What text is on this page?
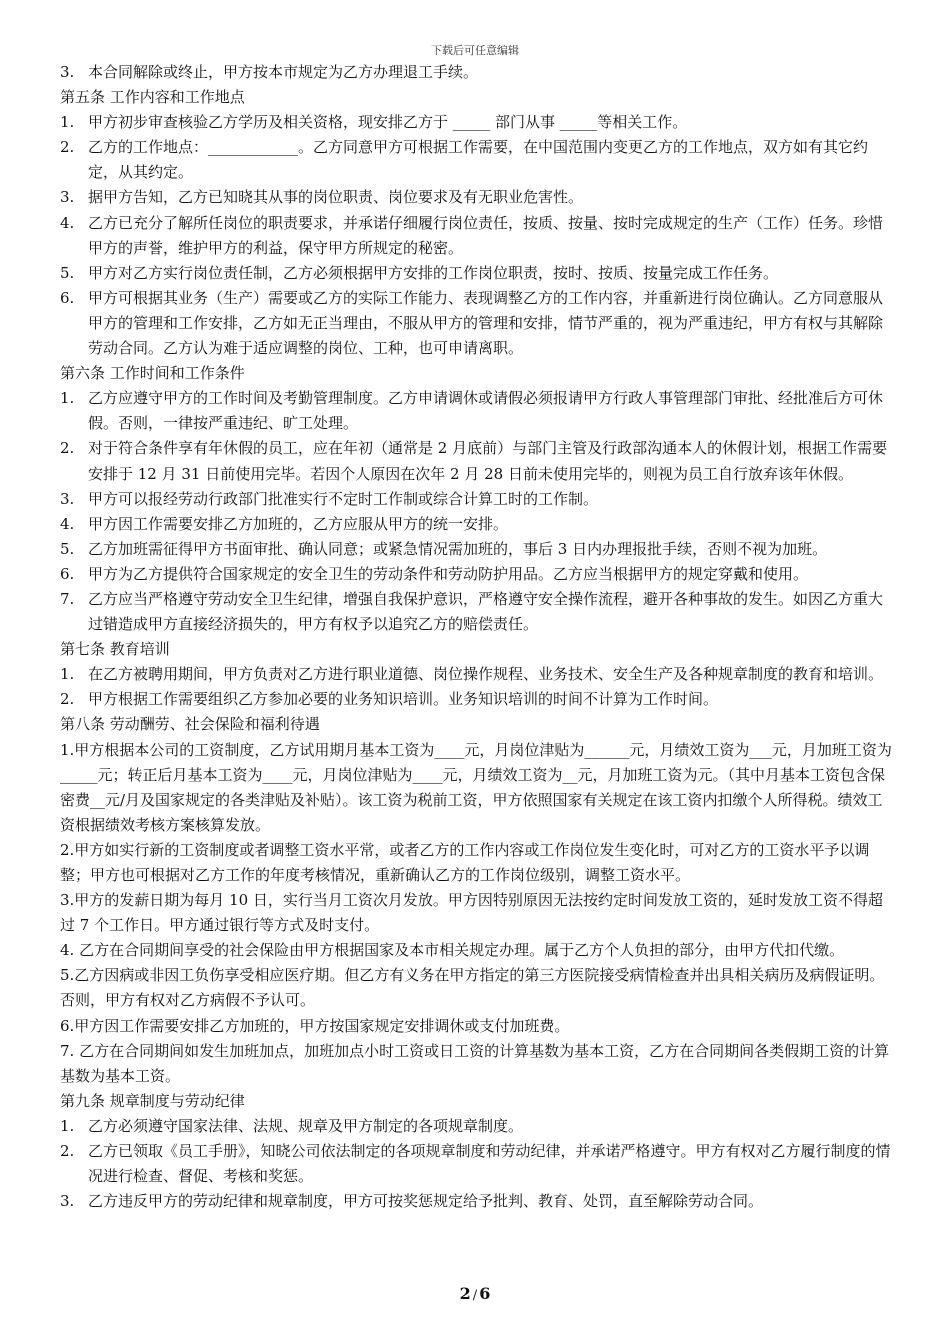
下载后可任意编辑
3. 本合同解除或终止，甲方按本市规定为乙方办理退工手续。
第五条 工作内容和工作地点
1. 甲方初步审查核验乙方学历及相关资格，现安排乙方于 _____ 部门从事 _____等相关工作。
2. 乙方的工作地点：____________。乙方同意甲方可根据工作需要，在中国范围内变更乙方的工作地点，双方如有其它约定，从其约定。
3. 据甲方告知，乙方已知晓其从事的岗位职责、岗位要求及有无职业危害性。
4. 乙方已充分了解所任岗位的职责要求，并承诺仔细履行岗位责任，按质、按量、按时完成规定的生产（工作）任务。珍惜甲方的声誉，维护甲方的利益，保守甲方所规定的秘密。
5. 甲方对乙方实行岗位责任制，乙方必须根据甲方安排的工作岗位职责，按时、按质、按量完成工作任务。
6. 甲方可根据其业务（生产）需要或乙方的实际工作能力、表现调整乙方的工作内容，并重新进行岗位确认。乙方同意服从甲方的管理和工作安排，乙方如无正当理由，不服从甲方的管理和安排，情节严重的，视为严重违纪，甲方有权与其解除劳动合同。乙方认为难于适应调整的岗位、工种，也可申请离职。
第六条 工作时间和工作条件
1. 乙方应遵守甲方的工作时间及考勤管理制度。乙方申请调休或请假必须报请甲方行政人事管理部门审批、经批准后方可休假。否则，一律按严重违纪、旷工处理。
2. 对于符合条件享有年休假的员工，应在年初（通常是 2 月底前）与部门主管及行政部沟通本人的休假计划，根据工作需要安排于 12 月 31 日前使用完毕。若因个人原因在次年 2 月 28 日前未使用完毕的，则视为员工自行放弃该年休假。
3. 甲方可以报经劳动行政部门批准实行不定时工作制或综合计算工时的工作制。
4. 甲方因工作需要安排乙方加班的，乙方应服从甲方的统一安排。
5. 乙方加班需征得甲方书面审批、确认同意；或紧急情况需加班的，事后 3 日内办理报批手续，否则不视为加班。
6. 甲方为乙方提供符合国家规定的安全卫生的劳动条件和劳动防护用品。乙方应当根据甲方的规定穿戴和使用。
7. 乙方应当严格遵守劳动安全卫生纪律，增强自我保护意识，严格遵守安全操作流程，避开各种事故的发生。如因乙方重大过错造成甲方直接经济损失的，甲方有权予以追究乙方的赔偿责任。
第七条 教育培训
1. 在乙方被聘用期间，甲方负责对乙方进行职业道德、岗位操作规程、业务技术、安全生产及各种规章制度的教育和培训。
2. 甲方根据工作需要组织乙方参加必要的业务知识培训。业务知识培训的时间不计算为工作时间。
第八条 劳动酬劳、社会保险和福利待遇
1.甲方根据本公司的工资制度，乙方试用期月基本工资为____元，月岗位津贴为______元，月绩效工资为___元，月加班工资为_____元；转正后月基本工资为____元，月岗位津贴为____元，月绩效工资为__元，月加班工资为元。（其中月基本工资包含保密费__元/月及国家规定的各类津贴及补贴）。该工资为税前工资，甲方依照国家有关规定在该工资内扣缴个人所得税。绩效工资根据绩效考核方案核算发放。
2.甲方如实行新的工资制度或者调整工资水平常，或者乙方的工作内容或工作岗位发生变化时，可对乙方的工资水平予以调整；甲方也可根据对乙方工作的年度考核情况，重新确认乙方的工作岗位级别，调整工资水平。
3.甲方的发薪日期为每月 10 日，实行当月工资次月发放。甲方因特别原因无法按约定时间发放工资的，延时发放工资不得超过 7 个工作日。甲方通过银行等方式及时支付。
4. 乙方在合同期间享受的社会保险由甲方根据国家及本市相关规定办理。属于乙方个人负担的部分，由甲方代扣代缴。
5.乙方因病或非因工负伤享受相应医疗期。但乙方有义务在甲方指定的第三方医院接受病情检查并出具相关病历及病假证明。否则，甲方有权对乙方病假不予认可。
6.甲方因工作需要安排乙方加班的，甲方按国家规定安排调休或支付加班费。
7. 乙方在合同期间如发生加班加点，加班加点小时工资或日工资的计算基数为基本工资，乙方在合同期间各类假期工资的计算基数为基本工资。
第九条 规章制度与劳动纪律
1. 乙方必须遵守国家法律、法规、规章及甲方制定的各项规章制度。
2. 乙方已领取《员工手册》，知晓公司依法制定的各项规章制度和劳动纪律，并承诺严格遵守。甲方有权对乙方履行制度的情况进行检查、督促、考核和奖惩。
3. 乙方违反甲方的劳动纪律和规章制度，甲方可按奖惩规定给予批判、教育、处罚，直至解除劳动合同。
2 / 6
